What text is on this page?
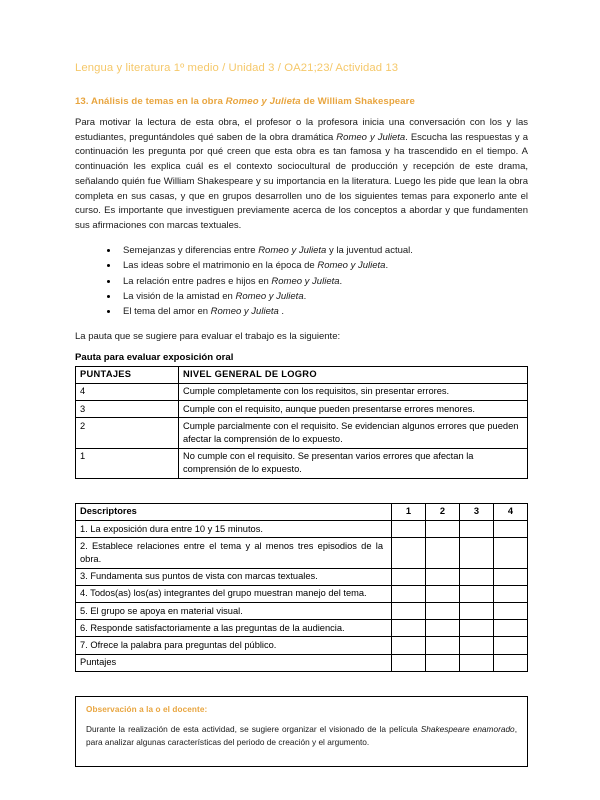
Lengua y literatura 1º medio / Unidad 3 / OA21;23/ Actividad 13
13. Análisis de temas en la obra Romeo y Julieta de William Shakespeare

Para motivar la lectura de esta obra, el profesor o la profesora inicia una conversación con los y las estudiantes, preguntándoles qué saben de la obra dramática Romeo y Julieta. Escucha las respuestas y a continuación les pregunta por qué creen que esta obra es tan famosa y ha trascendido en el tiempo. A continuación les explica cuál es el contexto sociocultural de producción y recepción de este drama, señalando quién fue William Shakespeare y su importancia en la literatura. Luego les pide que lean la obra completa en sus casas, y que en grupos desarrollen uno de los siguientes temas para exponerlo ante el curso. Es importante que investiguen previamente acerca de los conceptos a abordar y que fundamenten sus afirmaciones con marcas textuales.

Semejanzas y diferencias entre Romeo y Julieta y la juventud actual.
Las ideas sobre el matrimonio en la época de Romeo y Julieta.
La relación entre padres e hijos en Romeo y Julieta.
La visión de la amistad en Romeo y Julieta.
El tema del amor en Romeo y Julieta .

La pauta que se sugiere para evaluar el trabajo es la siguiente:

Pauta para evaluar exposición oral
PUNTAJES	NIVEL GENERAL DE LOGRO
4	Cumple completamente con los requisitos, sin presentar errores.
3	Cumple con el requisito, aunque pueden presentarse errores menores.
2	Cumple parcialmente con el requisito. Se evidencian algunos errores que pueden afectar la comprensión de lo expuesto.
1	No cumple con el requisito. Se presentan varios errores que afectan la comprensión de lo expuesto.
Descriptores	1	2	3	4
1. La exposición dura entre 10 y 15 minutos.				
2. Establece relaciones entre el tema y al menos tres episodios de la obra.				
3. Fundamenta sus puntos de vista con marcas textuales.				
4. Todos(as) los(as) integrantes del grupo muestran manejo del tema.				
5. El grupo se apoya en material visual.				
6. Responde satisfactoriamente a las preguntas de la audiencia.				
7. Ofrece la palabra para preguntas del público.				
Puntajes				
Observación a la o el docente:

Durante la realización de esta actividad, se sugiere organizar el visionado de la película Shakespeare enamorado, para analizar algunas características del periodo de creación y el argumento.
